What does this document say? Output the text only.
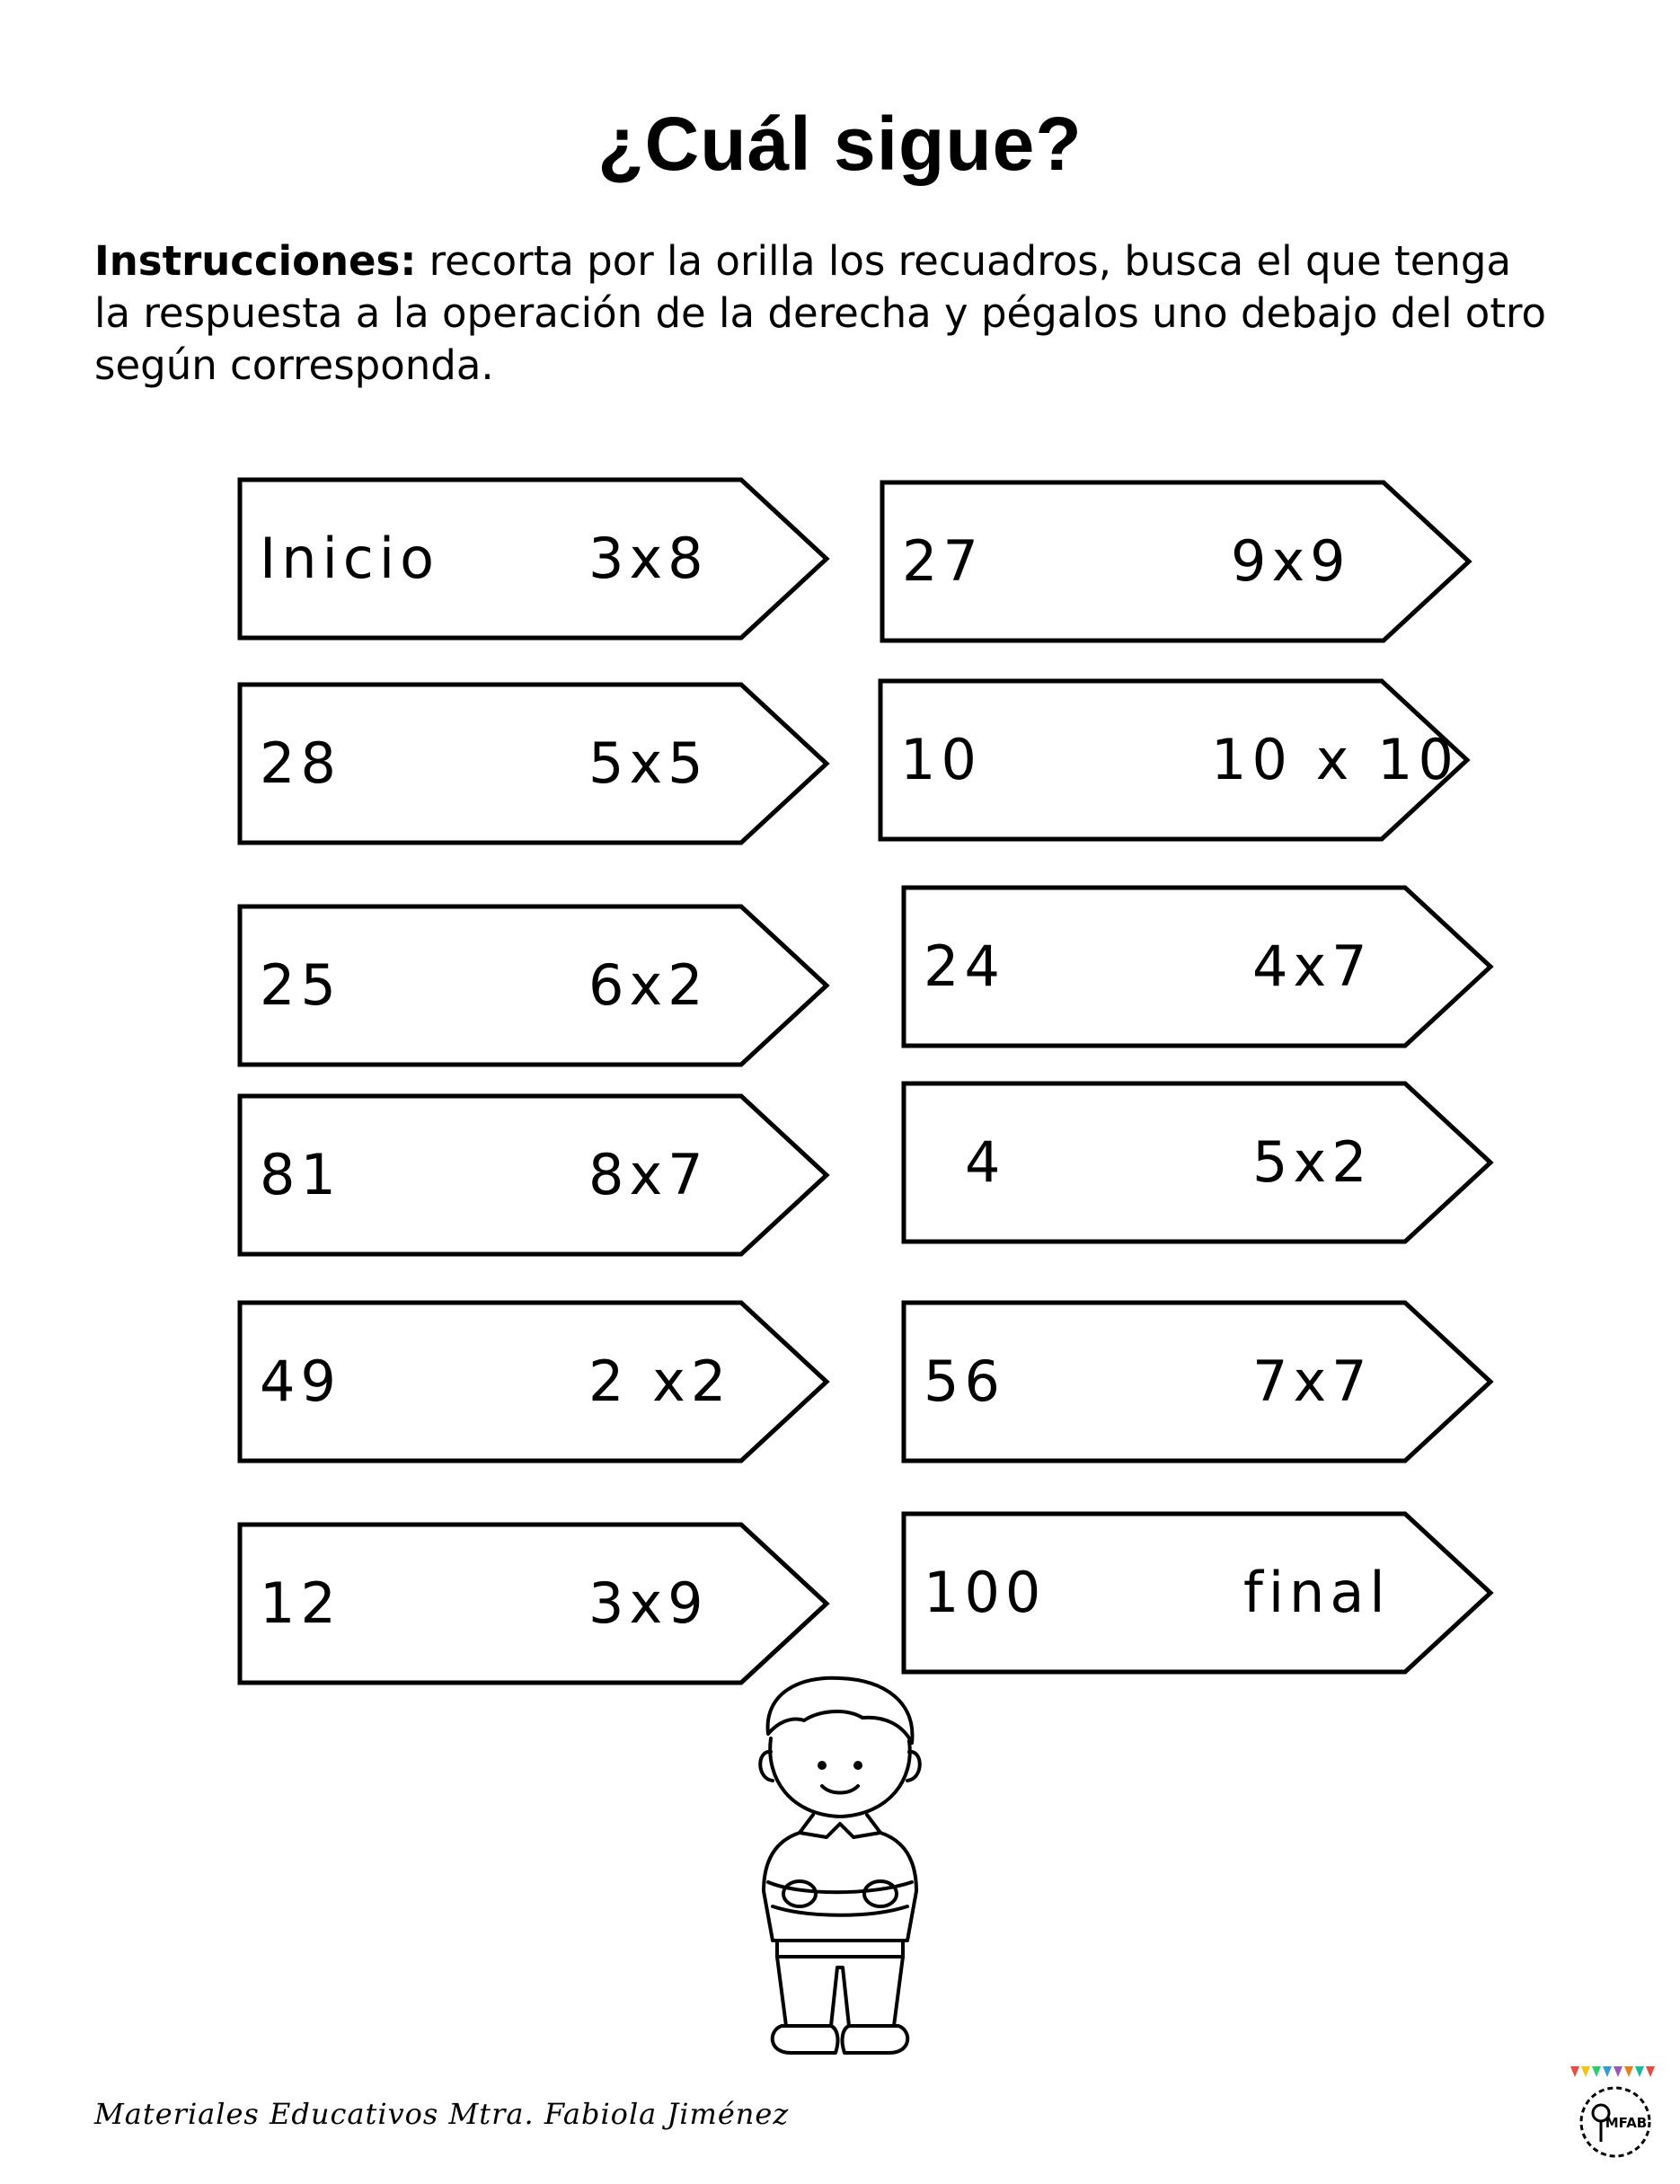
¿Cuál sigue?
Instrucciones: recorta por la orilla los recuadros, busca el que tenga la respuesta a la operación de la derecha y pégalos uno debajo del otro según corresponda.
Inicio	3x8
28	5x5
25	6x2
81	8x7
49	2 x2
12	3x9
27	9x9
10	10 x 10
24	4x7
4	5x2
56	7x7
100	final
Materiales Educativos Mtra. Fabiola Jiménez	MFAB
